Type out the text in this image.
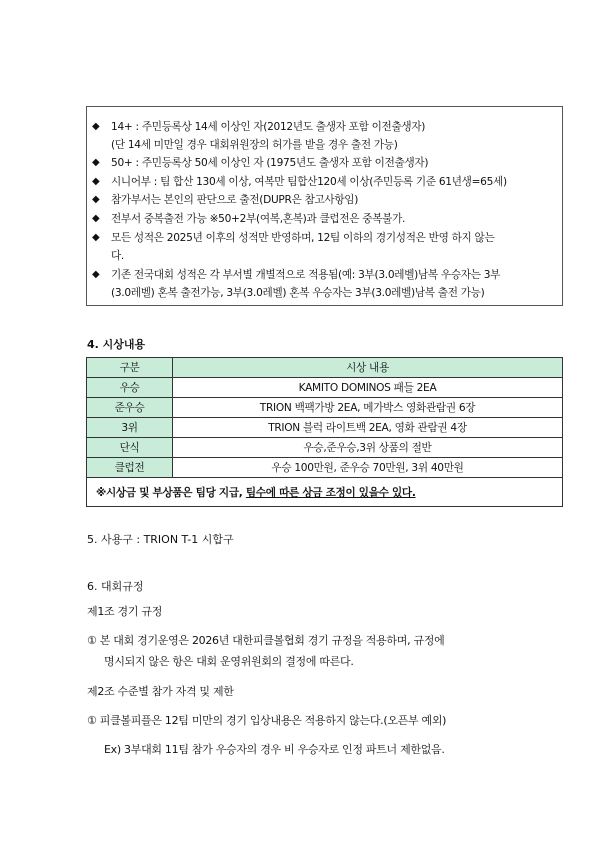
◆ 14+ : 주민등록상 14세 이상인 자(2012년도 출생자 포함 이전출생자)
(단 14세 미만일 경우 대회위원장의 허가를 받을 경우 출전 가능)
◆ 50+ : 주민등록상 50세 이상인 자 (1975년도 출생자 포함 이전출생자)
◆ 시니어부 : 팀 합산 130세 이상, 여복만 팀합산120세 이상(주민등록 기준 61년생=65세)
◆ 참가부서는 본인의 판단으로 출전(DUPR은 참고사항임)
◆ 전부서 중복출전 가능 ※50+2부(여복,혼복)과 클럽전은 중복불가.
◆ 모든 성적은 2025년 이후의 성적만 반영하며, 12팀 이하의 경기성적은 반영 하지 않는
다.
◆ 기존 전국대회 성적은 각 부서별 개별적으로 적용됨(예: 3부(3.0레벨)남복 우승자는 3부
(3.0레벨) 혼복 출전가능, 3부(3.0레벨) 혼복 우승자는 3부(3.0레벨)남복 출전 가능)
4. 시상내용
구분	시상 내용
우승	KAMITO DOMINOS 패들 2EA
준우승	TRION 백팩가방 2EA, 메가박스 영화관람권 6장
3위	TRION 블럭 라이트백 2EA, 영화 관람권 4장
단식	우승,준우승,3위 상품의 절반
클럽전	우승 100만원, 준우승 70만원, 3위 40만원
※시상금 및 부상품은 팀당 지급, 팀수에 따른 상금 조정이 있을수 있다.	
5. 사용구 : TRION T-1 시합구
6. 대회규정
제1조 경기 규정
① 본 대회 경기운영은 2026년 대한피클볼협회 경기 규정을 적용하며, 규정에
명시되지 않은 항은 대회 운영위원회의 결정에 따른다.
제2조 수준별 참가 자격 및 제한
① 피클볼피플은 12팀 미만의 경기 입상내용은 적용하지 않는다.(오픈부 예외)
Ex) 3부대회 11팀 참가 우승자의 경우 비 우승자로 인정 파트너 제한없음.
